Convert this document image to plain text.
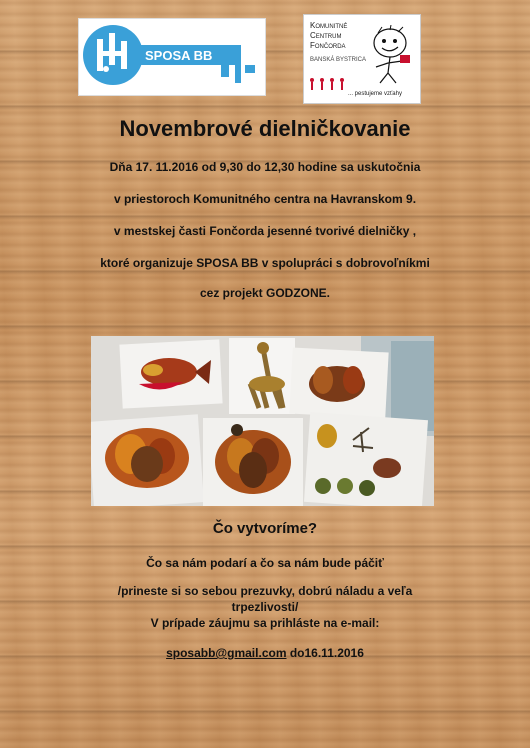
SPOSA BB
Komunitné
Centrum
Fončorda
BANSKÁ BYSTRICA
... pestujeme vzťahy
Novembrové dielničkovanie
Dňa 17. 11.2016 od 9,30 do 12,30 hodine sa uskutočnia
v priestoroch Komunitného centra na Havranskom 9.
v mestskej časti Fončorda jesenné tvorivé dielničky ,
ktoré organizuje SPOSA BB v spolupráci s dobrovoľníkmi
cez projekt GODZONE.
Čo vytvoríme?
Čo sa nám podarí a čo sa nám bude páčiť
/prineste si so sebou prezuvky, dobrú náladu a veľa
trpezlivosti/
V prípade záujmu sa prihláste na e-mail:
sposabb@gmail.com do16.11.2016
